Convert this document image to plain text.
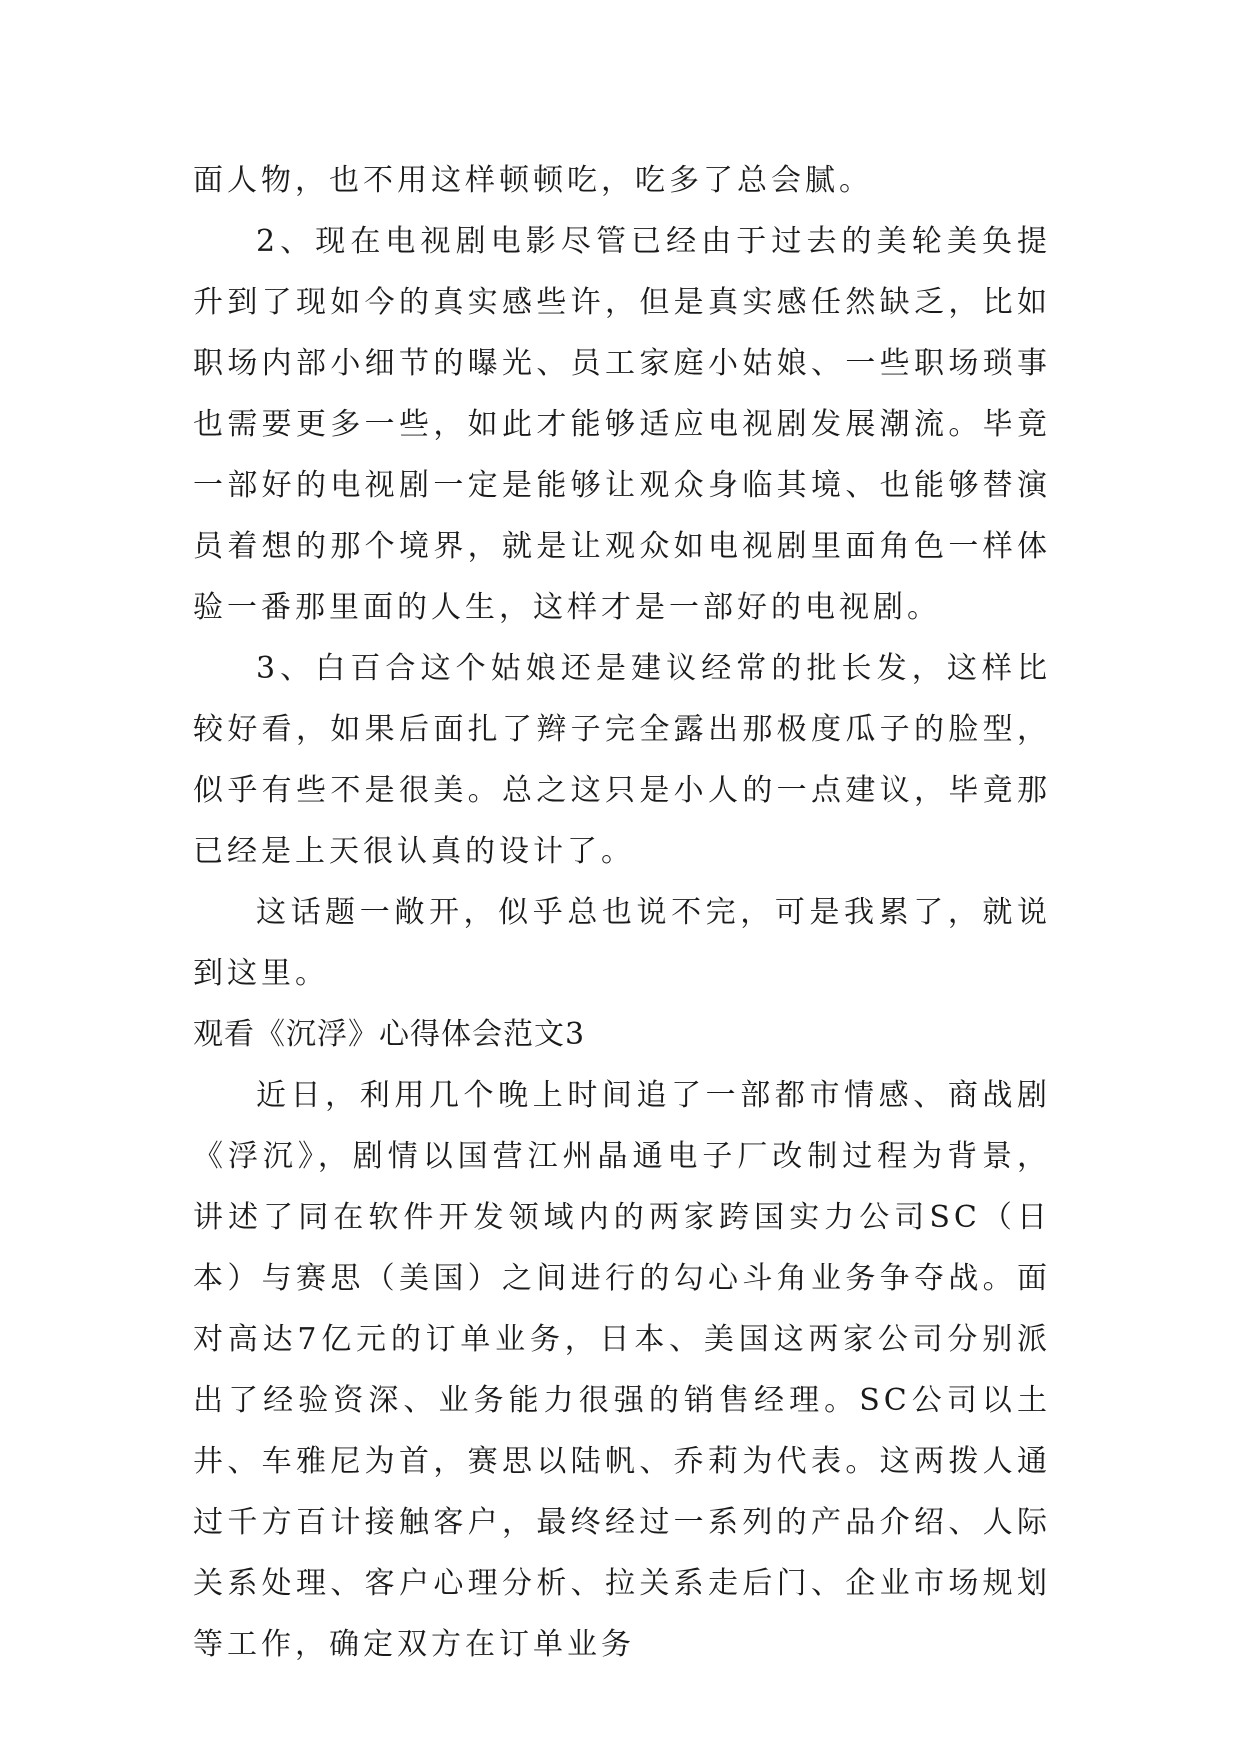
面人物，也不用这样顿顿吃，吃多了总会腻。

2、现在电视剧电影尽管已经由于过去的美轮美奂提升到了现如今的真实感些许，但是真实感任然缺乏，比如职场内部小细节的曝光、员工家庭小姑娘、一些职场琐事也需要更多一些，如此才能够适应电视剧发展潮流。毕竟一部好的电视剧一定是能够让观众身临其境、也能够替演员着想的那个境界，就是让观众如电视剧里面角色一样体验一番那里面的人生，这样才是一部好的电视剧。

3、白百合这个姑娘还是建议经常的批长发，这样比较好看，如果后面扎了辫子完全露出那极度瓜子的脸型，似乎有些不是很美。总之这只是小人的一点建议，毕竟那已经是上天很认真的设计了。

这话题一敞开，似乎总也说不完，可是我累了，就说到这里。

观看《沉浮》心得体会范文3

近日，利用几个晚上时间追了一部都市情感、商战剧《浮沉》，剧情以国营江州晶通电子厂改制过程为背景，讲述了同在软件开发领域内的两家跨国实力公司SC（日本）与赛思（美国）之间进行的勾心斗角业务争夺战。面对高达7亿元的订单业务，日本、美国这两家公司分别派出了经验资深、业务能力很强的销售经理。SC公司以土井、车雅尼为首，赛思以陆帆、乔莉为代表。这两拨人通过千方百计接触客户，最终经过一系列的产品介绍、人际关系处理、客户心理分析、拉关系走后门、企业市场规划等工作，确定双方在订单业务
